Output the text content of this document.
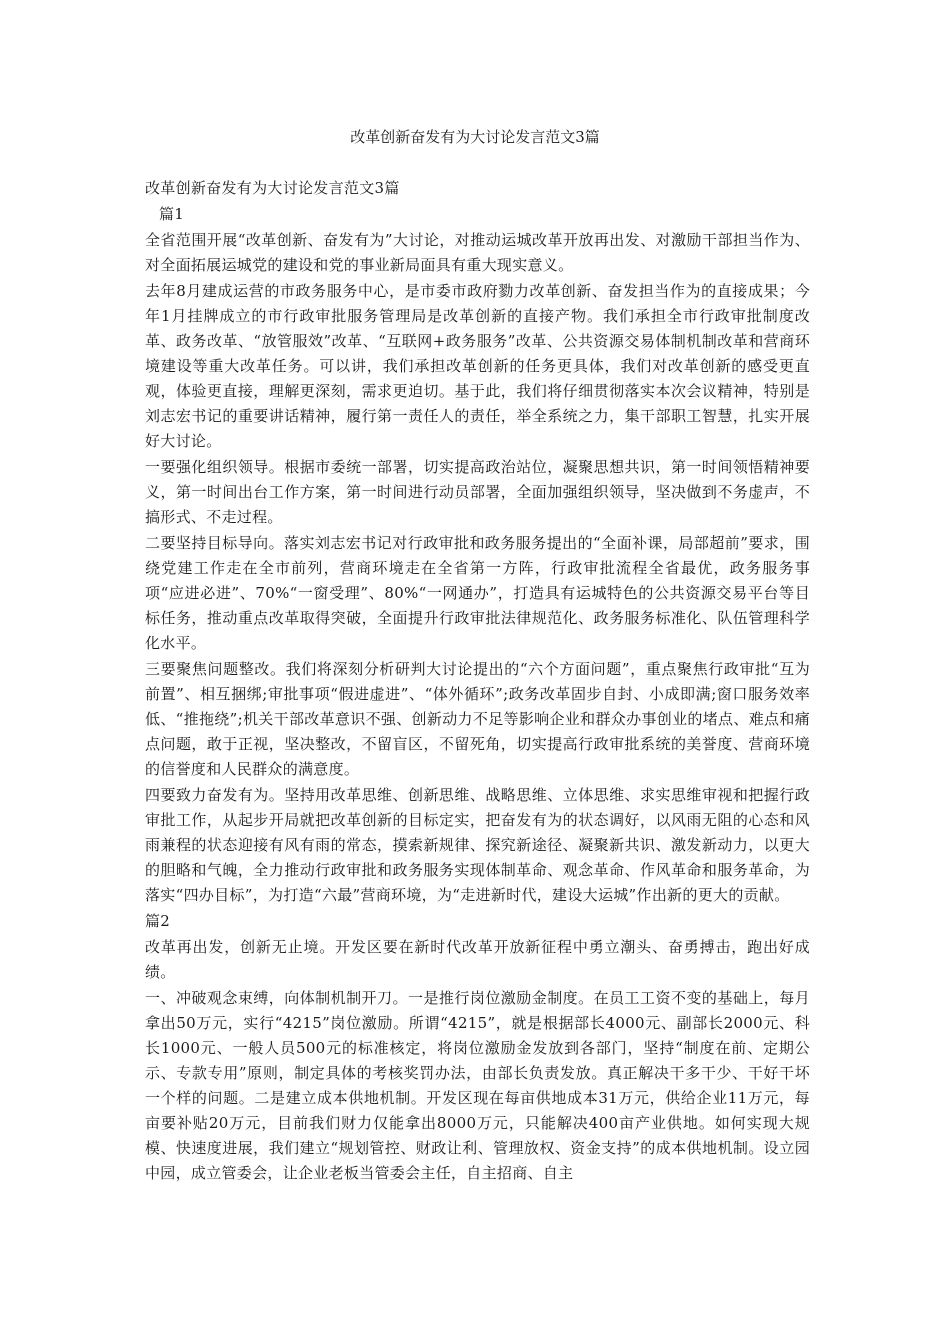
改革创新奋发有为大讨论发言范文3篇

改革创新奋发有为大讨论发言范文3篇

篇1

全省范围开展“改革创新、奋发有为”大讨论，对推动运城改革开放再出发、对激励干部担当作为、对全面拓展运城党的建设和党的事业新局面具有重大现实意义。

去年8月建成运营的市政务服务中心，是市委市政府勠力改革创新、奋发担当作为的直接成果；今年1月挂牌成立的市行政审批服务管理局是改革创新的直接产物。我们承担全市行政审批制度改革、政务改革、“放管服效”改革、“互联网+政务服务”改革、公共资源交易体制机制改革和营商环境建设等重大改革任务。可以讲，我们承担改革创新的任务更具体，我们对改革创新的感受更直观，体验更直接，理解更深刻，需求更迫切。基于此，我们将仔细贯彻落实本次会议精神，特别是刘志宏书记的重要讲话精神，履行第一责任人的责任，举全系统之力，集干部职工智慧，扎实开展好大讨论。

一要强化组织领导。根据市委统一部署，切实提高政治站位，凝聚思想共识，第一时间领悟精神要义，第一时间出台工作方案，第一时间进行动员部署，全面加强组织领导，坚决做到不务虚声，不搞形式、不走过程。

二要坚持目标导向。落实刘志宏书记对行政审批和政务服务提出的“全面补课，局部超前”要求，围绕党建工作走在全市前列，营商环境走在全省第一方阵，行政审批流程全省最优，政务服务事项“应进必进”、70%“一窗受理”、80%“一网通办”，打造具有运城特色的公共资源交易平台等目标任务，推动重点改革取得突破，全面提升行政审批法律规范化、政务服务标准化、队伍管理科学化水平。

三要聚焦问题整改。我们将深刻分析研判大讨论提出的“六个方面问题”，重点聚焦行政审批“互为前置”、相互捆绑;审批事项“假进虚进”、“体外循环”;政务改革固步自封、小成即满;窗口服务效率低、“推拖绕”;机关干部改革意识不强、创新动力不足等影响企业和群众办事创业的堵点、难点和痛点问题，敢于正视，坚决整改，不留盲区，不留死角，切实提高行政审批系统的美誉度、营商环境的信誉度和人民群众的满意度。

四要致力奋发有为。坚持用改革思维、创新思维、战略思维、立体思维、求实思维审视和把握行政审批工作，从起步开局就把改革创新的目标定实，把奋发有为的状态调好，以风雨无阻的心态和风雨兼程的状态迎接有风有雨的常态，摸索新规律、探究新途径、凝聚新共识、激发新动力，以更大的胆略和气魄，全力推动行政审批和政务服务实现体制革命、观念革命、作风革命和服务革命，为落实“四办目标”，为打造“六最”营商环境，为“走进新时代，建设大运城”作出新的更大的贡献。

篇2

改革再出发，创新无止境。开发区要在新时代改革开放新征程中勇立潮头、奋勇搏击，跑出好成绩。

一、冲破观念束缚，向体制机制开刀。一是推行岗位激励金制度。在员工工资不变的基础上，每月拿出50万元，实行“4215”岗位激励。所谓“4215”，就是根据部长4000元、副部长2000元、科长1000元、一般人员500元的标准核定，将岗位激励金发放到各部门，坚持“制度在前、定期公示、专款专用”原则，制定具体的考核奖罚办法，由部长负责发放。真正解决干多干少、干好干坏一个样的问题。二是建立成本供地机制。开发区现在每亩供地成本31万元，供给企业11万元，每亩要补贴20万元，目前我们财力仅能拿出8000万元，只能解决400亩产业供地。如何实现大规模、快速度进展，我们建立“规划管控、财政让利、管理放权、资金支持”的成本供地机制。设立园中园，成立管委会，让企业老板当管委会主任，自主招商、自主
